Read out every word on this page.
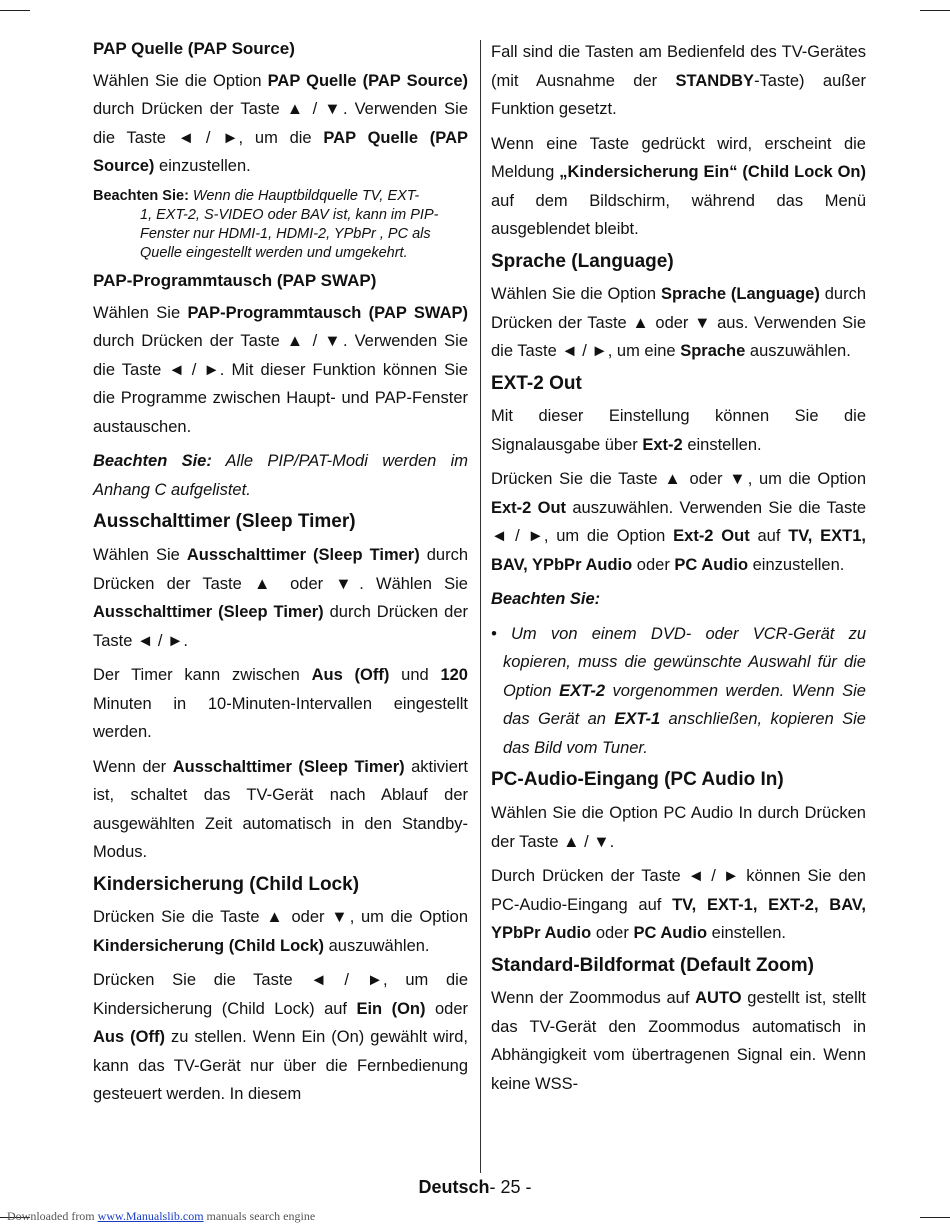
PAP Quelle (PAP Source)

Wählen Sie die Option PAP Quelle (PAP Source) durch Drücken der Taste ▲ / ▼. Verwenden Sie die Taste ◄ / ►, um die PAP Quelle (PAP Source) einzustellen.

Beachten Sie: Wenn die Hauptbildquelle TV, EXT-
1, EXT-2, S-VIDEO oder BAV ist, kann im PIP-Fenster nur HDMI-1, HDMI-2, YPbPr , PC als Quelle eingestellt werden und umgekehrt.

PAP-Programmtausch (PAP SWAP)

Wählen Sie PAP-Programmtausch (PAP SWAP) durch Drücken der Taste ▲ / ▼. Verwenden Sie die Taste ◄ / ►. Mit dieser Funktion können Sie die Programme zwischen Haupt- und PAP-Fenster austauschen.

Beachten Sie: Alle PIP/PAT-Modi werden im Anhang C aufgelistet.

Ausschalttimer (Sleep Timer)

Wählen Sie Ausschalttimer (Sleep Timer) durch Drücken der Taste ▲ oder ▼. Wählen Sie Ausschalttimer (Sleep Timer) durch Drücken der Taste ◄ / ►.

Der Timer kann zwischen Aus (Off) und 120 Minuten in 10-Minuten-Intervallen eingestellt werden.

Wenn der Ausschalttimer (Sleep Timer) aktiviert ist, schaltet das TV-Gerät nach Ablauf der ausgewählten Zeit automatisch in den Standby-Modus.

Kindersicherung (Child Lock)

Drücken Sie die Taste ▲ oder ▼, um die Option Kindersicherung (Child Lock) auszuwählen.

Drücken Sie die Taste ◄ / ►, um die Kindersicherung (Child Lock) auf Ein (On) oder Aus (Off) zu stellen. Wenn Ein (On) gewählt wird, kann das TV-Gerät nur über die Fernbedienung gesteuert werden. In diesem

Fall sind die Tasten am Bedienfeld des TV-Gerätes (mit Ausnahme der STANDBY-Taste) außer Funktion gesetzt.

Wenn eine Taste gedrückt wird, erscheint die Meldung „Kindersicherung Ein“ (Child Lock On) auf dem Bildschirm, während das Menü ausgeblendet bleibt.

Sprache (Language)

Wählen Sie die Option Sprache (Language) durch Drücken der Taste ▲ oder ▼ aus. Verwenden Sie die Taste ◄ / ►, um eine Sprache auszuwählen.

EXT-2 Out

Mit dieser Einstellung können Sie die Signalausgabe über Ext-2 einstellen.

Drücken Sie die Taste ▲ oder ▼, um die Option Ext-2 Out auszuwählen. Verwenden Sie die Taste ◄ / ►, um die Option Ext-2 Out auf TV, EXT1, BAV, YPbPr Audio oder PC Audio einzustellen.

Beachten Sie:

• Um von einem DVD- oder VCR-Gerät zu kopieren, muss die gewünschte Auswahl für die Option EXT-2 vorgenommen werden. Wenn Sie das Gerät an EXT-1 anschließen, kopieren Sie das Bild vom Tuner.

PC-Audio-Eingang (PC Audio In)

Wählen Sie die Option PC Audio In durch Drücken der Taste ▲ / ▼.

Durch Drücken der Taste ◄ / ► können Sie den PC-Audio-Eingang auf TV, EXT-1, EXT-2, BAV, YPbPr Audio oder PC Audio einstellen.

Standard-Bildformat (Default Zoom)

Wenn der Zoommodus auf AUTO gestellt ist, stellt das TV-Gerät den Zoommodus automatisch in Abhängigkeit vom übertragenen Signal ein. Wenn keine WSS-

Deutsch- 25 -
Downloaded from www.Manualslib.com manuals search engine
